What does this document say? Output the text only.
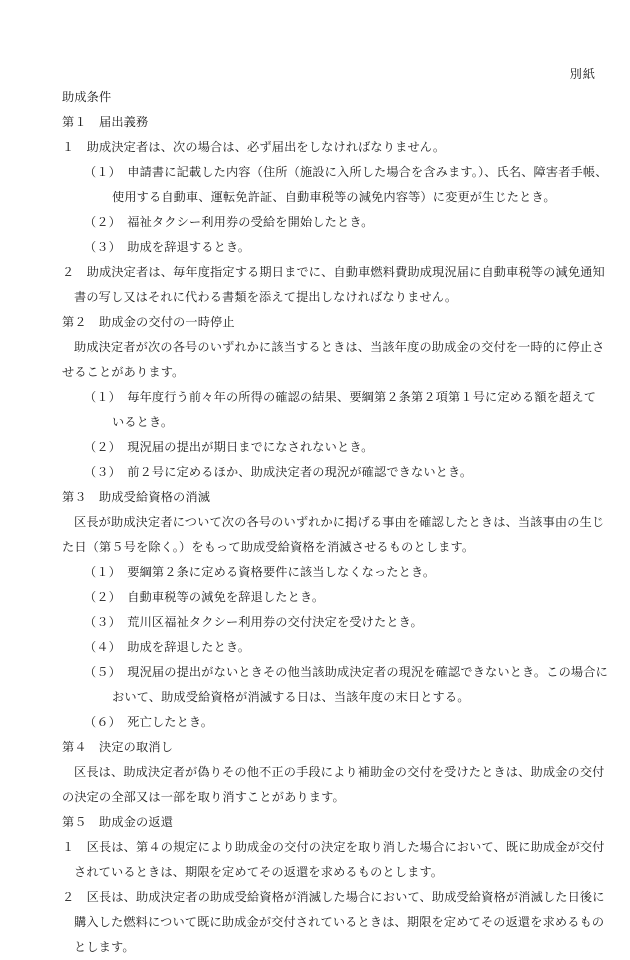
別紙
助成条件
第１　届出義務
１　助成決定者は、次の場合は、必ず届出をしなければなりません。
（１）　申請書に記載した内容（住所（施設に入所した場合を含みます。）、氏名、障害者手帳、
使用する自動車、運転免許証、自動車税等の減免内容等）に変更が生じたとき。
（２）　福祉タクシー利用券の受給を開始したとき。
（３）　助成を辞退するとき。
２　助成決定者は、毎年度指定する期日までに、自動車燃料費助成現況届に自動車税等の減免通知
書の写し又はそれに代わる書類を添えて提出しなければなりません。
第２　助成金の交付の一時停止
助成決定者が次の各号のいずれかに該当するときは、当該年度の助成金の交付を一時的に停止さ
せることがあります。
（１）　毎年度行う前々年の所得の確認の結果、要綱第２条第２項第１号に定める額を超えて
いるとき。
（２）　現況届の提出が期日までになされないとき。
（３）　前２号に定めるほか、助成決定者の現況が確認できないとき。
第３　助成受給資格の消滅
区長が助成決定者について次の各号のいずれかに掲げる事由を確認したときは、当該事由の生じ
た日（第５号を除く。）をもって助成受給資格を消滅させるものとします。
（１）　要綱第２条に定める資格要件に該当しなくなったとき。
（２）　自動車税等の減免を辞退したとき。
（３）　荒川区福祉タクシー利用券の交付決定を受けたとき。
（４）　助成を辞退したとき。
（５）　現況届の提出がないときその他当該助成決定者の現況を確認できないとき。この場合に
おいて、助成受給資格が消滅する日は、当該年度の末日とする。
（６）　死亡したとき。
第４　決定の取消し
区長は、助成決定者が偽りその他不正の手段により補助金の交付を受けたときは、助成金の交付
の決定の全部又は一部を取り消すことがあります。
第５　助成金の返還
１　区長は、第４の規定により助成金の交付の決定を取り消した場合において、既に助成金が交付
されているときは、期限を定めてその返還を求めるものとします。
２　区長は、助成決定者の助成受給資格が消滅した場合において、助成受給資格が消滅した日後に
購入した燃料について既に助成金が交付されているときは、期限を定めてその返還を求めるもの
とします。
